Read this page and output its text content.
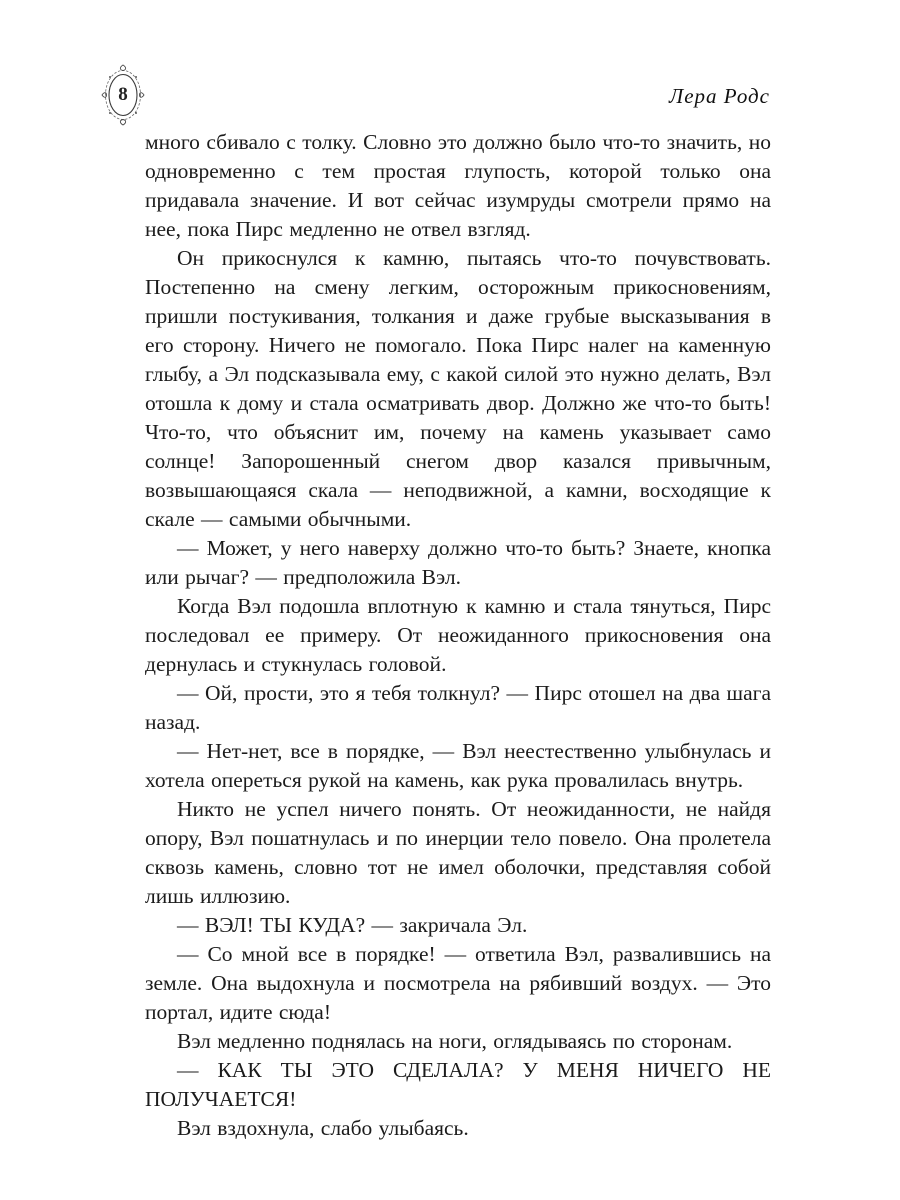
8	Лера Родс

много сбивало с толку. Словно это должно было что-то значить, но одновременно с тем простая глупость, которой только она придавала значение. И вот сейчас изумруды смотрели прямо на нее, пока Пирс медленно не отвел взгляд.

Он прикоснулся к камню, пытаясь что-то почувствовать. Постепенно на смену легким, осторожным прикосновениям, пришли постукивания, толкания и даже грубые высказывания в его сторону. Ничего не помогало. Пока Пирс налег на каменную глыбу, а Эл подсказывала ему, с какой силой это нужно делать, Вэл отошла к дому и стала осматривать двор. Должно же что-то быть! Что-то, что объяснит им, почему на камень указывает само солнце! Запорошенный снегом двор казался привычным, возвышающаяся скала — неподвижной, а камни, восходящие к скале — самыми обычными.

— Может, у него наверху должно что-то быть? Знаете, кнопка или рычаг? — предположила Вэл.

Когда Вэл подошла вплотную к камню и стала тянуться, Пирс последовал ее примеру. От неожиданного прикосновения она дернулась и стукнулась головой.

— Ой, прости, это я тебя толкнул? — Пирс отошел на два шага назад.

— Нет-нет, все в порядке, — Вэл неестественно улыбнулась и хотела опереться рукой на камень, как рука провалилась внутрь.

Никто не успел ничего понять. От неожиданности, не найдя опору, Вэл пошатнулась и по инерции тело повело. Она пролетела сквозь камень, словно тот не имел оболочки, представляя собой лишь иллюзию.

— ВЭЛ! ТЫ КУДА? — закричала Эл.

— Со мной все в порядке! — ответила Вэл, развалившись на земле. Она выдохнула и посмотрела на рябивший воздух. — Это портал, идите сюда!

Вэл медленно поднялась на ноги, оглядываясь по сторонам.

— КАК ТЫ ЭТО СДЕЛАЛА? У МЕНЯ НИЧЕГО НЕ ПОЛУЧАЕТСЯ!

Вэл вздохнула, слабо улыбаясь.
